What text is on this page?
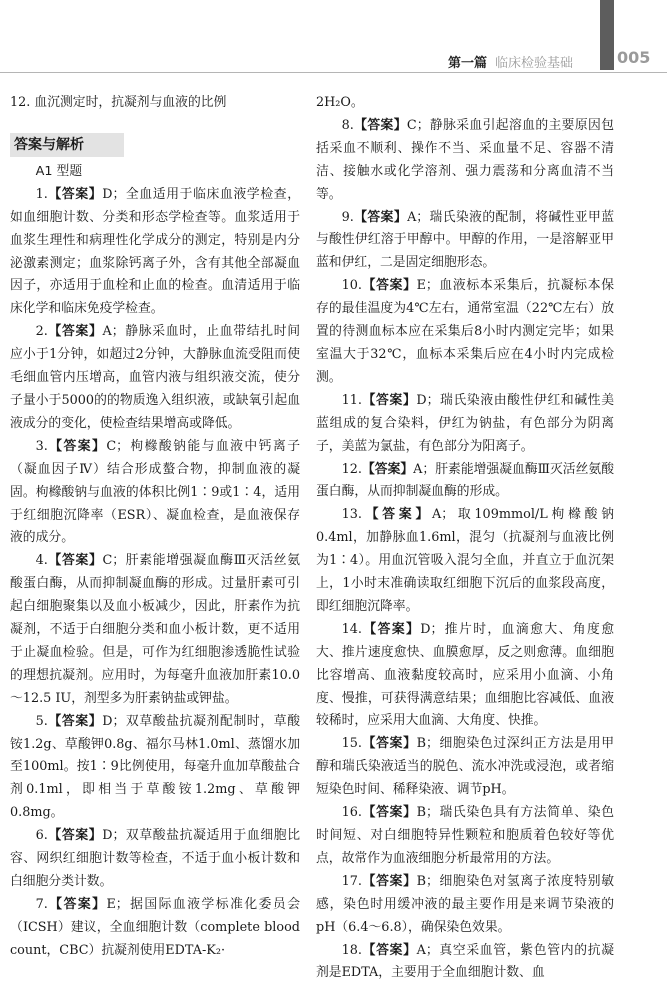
第一篇 临床检验基础	005

12. 血沉测定时，抗凝剂与血液的比例

答案与解析

A1 型题

1.【答案】D；全血适用于临床血液学检查，如血细胞计数、分类和形态学检查等。血浆适用于血浆生理性和病理性化学成分的测定，特别是内分泌激素测定；血浆除钙离子外，含有其他全部凝血因子，亦适用于血栓和止血的检查。血清适用于临床化学和临床免疫学检查。

2.【答案】A；静脉采血时，止血带结扎时间应小于1分钟，如超过2分钟，大静脉血流受阻而使毛细血管内压增高，血管内液与组织液交流，使分子量小于5000的的物质逸入组织液，或缺氧引起血液成分的变化，使检查结果增高或降低。

3.【答案】C；枸橼酸钠能与血液中钙离子（凝血因子Ⅳ）结合形成螯合物，抑制血液的凝固。枸橼酸钠与血液的体积比例1∶9或1∶4，适用于红细胞沉降率（ESR）、凝血检查，是血液保存液的成分。

4.【答案】C；肝素能增强凝血酶Ⅲ灭活丝氨酸蛋白酶，从而抑制凝血酶的形成。过量肝素可引起白细胞聚集以及血小板减少，因此，肝素作为抗凝剂，不适于白细胞分类和血小板计数，更不适用于止凝血检验。但是，可作为红细胞渗透脆性试验的理想抗凝剂。应用时，为每毫升血液加肝素10.0～12.5 IU，剂型多为肝素钠盐或钾盐。

5.【答案】D；双草酸盐抗凝剂配制时，草酸铵1.2g、草酸钾0.8g、福尔马林1.0ml、蒸馏水加至100ml。按1∶9比例使用，每毫升血加草酸盐合剂0.1ml，即相当于草酸铵1.2mg、草酸钾0.8mg。

6.【答案】D；双草酸盐抗凝适用于血细胞比容、网织红细胞计数等检查，不适于血小板计数和白细胞分类计数。

7.【答案】E；据国际血液学标准化委员会（ICSH）建议，全血细胞计数（complete blood count，CBC）抗凝剂使用EDTA-K₂·

2H₂O。

8.【答案】C；静脉采血引起溶血的主要原因包括采血不顺利、操作不当、采血量不足、容器不清洁、接触水或化学溶剂、强力震荡和分离血清不当等。

9.【答案】A；瑞氏染液的配制，将碱性亚甲蓝与酸性伊红溶于甲醇中。甲醇的作用，一是溶解亚甲蓝和伊红，二是固定细胞形态。

10.【答案】E；血液标本采集后，抗凝标本保存的最佳温度为4℃左右，通常室温（22℃左右）放置的待测血标本应在采集后8小时内测定完毕；如果室温大于32℃，血标本采集后应在4小时内完成检测。

11.【答案】D；瑞氏染液由酸性伊红和碱性美蓝组成的复合染料，伊红为钠盐，有色部分为阴离子，美蓝为氯盐，有色部分为阳离子。

12.【答案】A；肝素能增强凝血酶Ⅲ灭活丝氨酸蛋白酶，从而抑制凝血酶的形成。

13.【答案】A；取109mmol/L枸橼酸钠0.4ml，加静脉血1.6ml，混匀（抗凝剂与血液比例为1∶4）。用血沉管吸入混匀全血，并直立于血沉架上，1小时末准确读取红细胞下沉后的血浆段高度，即红细胞沉降率。

14.【答案】D；推片时，血滴愈大、角度愈大、推片速度愈快、血膜愈厚，反之则愈薄。血细胞比容增高、血液黏度较高时，应采用小血滴、小角度、慢推，可获得满意结果；血细胞比容减低、血液较稀时，应采用大血滴、大角度、快推。

15.【答案】B；细胞染色过深纠正方法是用甲醇和瑞氏染液适当的脱色、流水冲洗或浸泡，或者缩短染色时间、稀释染液、调节pH。

16.【答案】B；瑞氏染色具有方法简单、染色时间短、对白细胞特异性颗粒和胞质着色较好等优点，故常作为血液细胞分析最常用的方法。

17.【答案】B；细胞染色对氢离子浓度特别敏感，染色时用缓冲液的最主要作用是来调节染液的pH（6.4～6.8），确保染色效果。

18.【答案】A；真空采血管，紫色管内的抗凝剂是EDTA，主要用于全血细胞计数、血
